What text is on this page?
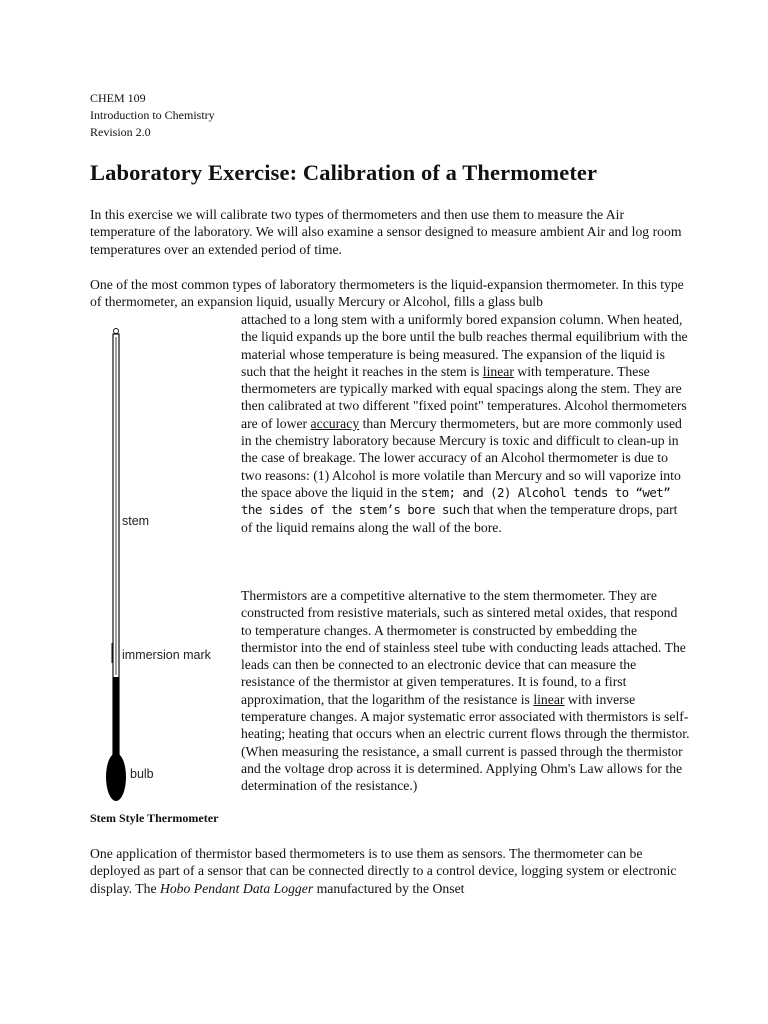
CHEM 109
Introduction to Chemistry
Revision 2.0
Laboratory Exercise: Calibration of a Thermometer
In this exercise we will calibrate two types of thermometers and then use them to measure the Air temperature of the laboratory. We will also examine a sensor designed to measure ambient Air and log room temperatures over an extended period of time.
One of the most common types of laboratory thermometers is the liquid-expansion thermometer. In this type of thermometer, an expansion liquid, usually Mercury or Alcohol, fills a glass bulb
attached to a long stem with a uniformly bored expansion column. When heated, the liquid expands up the bore until the bulb reaches thermal equilibrium with the material whose temperature is being measured. The expansion of the liquid is such that the height it reaches in the stem is linear with temperature. These thermometers are typically marked with equal spacings along the stem. They are then calibrated at two different "fixed point" temperatures. Alcohol thermometers are of lower accuracy than Mercury thermometers, but are more commonly used in the chemistry laboratory because Mercury is toxic and difficult to clean-up in the case of breakage. The lower accuracy of an Alcohol thermometer is due to two reasons: (1) Alcohol is more volatile than Mercury and so will vaporize into the space above the liquid in the stem; and (2) Alcohol tends to “wet” the sides of the stem’s bore such that when the temperature drops, part of the liquid remains along the wall of the bore.
Thermistors are a competitive alternative to the stem thermometer. They are constructed from resistive materials, such as sintered metal oxides, that respond to temperature changes. A thermometer is constructed by embedding the thermistor into the end of stainless steel tube with conducting leads attached. The leads can then be connected to an electronic device that can measure the resistance of the thermistor at given temperatures. It is found, to a first approximation, that the logarithm of the resistance is linear with inverse temperature changes. A major systematic error associated with thermistors is self-heating; heating that occurs when an electric current flows through the thermistor. (When measuring the resistance, a small current is passed through the thermistor and the voltage drop across it is determined. Applying Ohm's Law allows for the determination of the resistance.)
stem
immersion mark
bulb
Stem Style Thermometer
One application of thermistor based thermometers is to use them as sensors. The thermometer can be deployed as part of a sensor that can be connected directly to a control device, logging system or electronic display. The Hobo Pendant Data Logger manufactured by the Onset
